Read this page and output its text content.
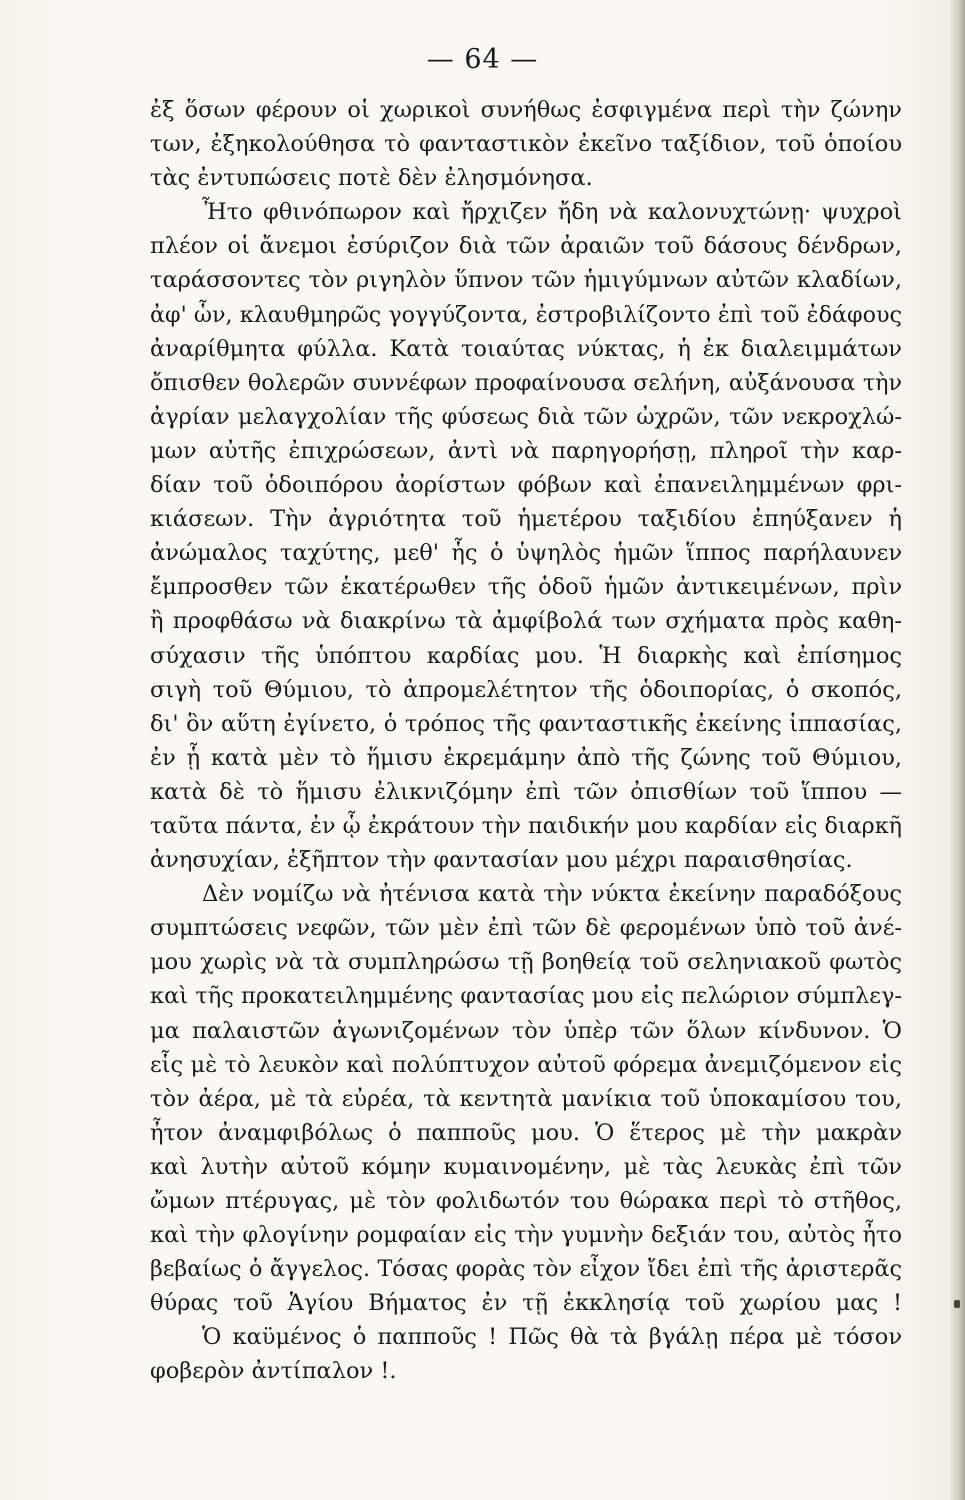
— 64 —
ἐξ ὅσων φέρουν οἱ χωρικοὶ συνήθως ἐσφιγμένα περὶ τὴν ζώνην
των, ἐξηκολούθησα τὸ φανταστικὸν ἐκεῖνο ταξίδιον, τοῦ ὁποίου
τὰς ἐντυπώσεις ποτὲ δὲν ἐλησμόνησα.
Ἦτο φθινόπωρον καὶ ἤρχιζεν ἤδη νὰ καλονυχτώνῃ· ψυχροὶ
πλέον οἱ ἄνεμοι ἐσύριζον διὰ τῶν ἀραιῶν τοῦ δάσους δένδρων,
ταράσσοντες τὸν ριγηλὸν ὕπνον τῶν ἡμιγύμνων αὐτῶν κλαδίων,
ἀφ' ὧν, κλαυθμηρῶς γογγύζοντα, ἐστροβιλίζοντο ἐπὶ τοῦ ἐδάφους
ἀναρίθμητα φύλλα. Κατὰ τοιαύτας νύκτας, ἡ ἐκ διαλειμμάτων
ὄπισθεν θολερῶν συννέφων προφαίνουσα σελήνη, αὐξάνουσα τὴν
ἀγρίαν μελαγχολίαν τῆς φύσεως διὰ τῶν ὠχρῶν, τῶν νεκροχλώ-
μων αὐτῆς ἐπιχρώσεων, ἀντὶ νὰ παρηγορήσῃ, πληροῖ τὴν καρ-
δίαν τοῦ ὁδοιπόρου ἀορίστων φόβων καὶ ἐπανειλημμένων φρι-
κιάσεων. Τὴν ἀγριότητα τοῦ ἡμετέρου ταξιδίου ἐπηύξανεν ἡ
ἀνώμαλος ταχύτης, μεθ' ἧς ὁ ὑψηλὸς ἡμῶν ἵππος παρήλαυνεν
ἔμπροσθεν τῶν ἑκατέρωθεν τῆς ὁδοῦ ἡμῶν ἀντικειμένων, πρὶν
ἢ προφθάσω νὰ διακρίνω τὰ ἀμφίβολά των σχήματα πρὸς καθη-
σύχασιν τῆς ὑπόπτου καρδίας μου. Ἡ διαρκὴς καὶ ἐπίσημος
σιγὴ τοῦ Θύμιου, τὸ ἀπρομελέτητον τῆς ὁδοιπορίας, ὁ σκοπός,
δι' ὃν αὕτη ἐγίνετο, ὁ τρόπος τῆς φανταστικῆς ἐκείνης ἱππασίας,
ἐν ᾗ κατὰ μὲν τὸ ἥμισυ ἐκρεμάμην ἀπὸ τῆς ζώνης τοῦ Θύμιου,
κατὰ δὲ τὸ ἥμισυ ἐλικνιζόμην ἐπὶ τῶν ὀπισθίων τοῦ ἵππου —
ταῦτα πάντα, ἐν ᾧ ἐκράτουν τὴν παιδικήν μου καρδίαν εἰς διαρκῆ
ἀνησυχίαν, ἐξῆπτον τὴν φαντασίαν μου μέχρι παραισθησίας.
Δὲν νομίζω νὰ ἠτένισα κατὰ τὴν νύκτα ἐκείνην παραδόξους
συμπτώσεις νεφῶν, τῶν μὲν ἐπὶ τῶν δὲ φερομένων ὑπὸ τοῦ ἀνέ-
μου χωρὶς νὰ τὰ συμπληρώσω τῇ βοηθείᾳ τοῦ σεληνιακοῦ φωτὸς
καὶ τῆς προκατειλημμένης φαντασίας μου εἰς πελώριον σύμπλεγ-
μα παλαιστῶν ἀγωνιζομένων τὸν ὑπὲρ τῶν ὅλων κίνδυνον. Ὁ
εἷς μὲ τὸ λευκὸν καὶ πολύπτυχον αὐτοῦ φόρεμα ἀνεμιζόμενον εἰς
τὸν ἀέρα, μὲ τὰ εὐρέα, τὰ κεντητὰ μανίκια τοῦ ὑποκαμίσου του,
ἦτον ἀναμφιβόλως ὁ παπποῦς μου. Ὁ ἕτερος μὲ τὴν μακρὰν
καὶ λυτὴν αὐτοῦ κόμην κυμαινομένην, μὲ τὰς λευκὰς ἐπὶ τῶν
ὤμων πτέρυγας, μὲ τὸν φολιδωτόν του θώρακα περὶ τὸ στῆθος,
καὶ τὴν φλογίνην ρομφαίαν εἰς τὴν γυμνὴν δεξιάν του, αὐτὸς ἦτο
βεβαίως ὁ ἄγγελος. Τόσας φορὰς τὸν εἶχον ἴδει ἐπὶ τῆς ἀριστερᾶς
θύρας τοῦ Ἁγίου Βήματος ἐν τῇ ἐκκλησίᾳ τοῦ χωρίου μας !
Ὁ καϋμένος ὁ παπποῦς ! Πῶς θὰ τὰ βγάλῃ πέρα μὲ τόσον
φοβερὸν ἀντίπαλον !.
